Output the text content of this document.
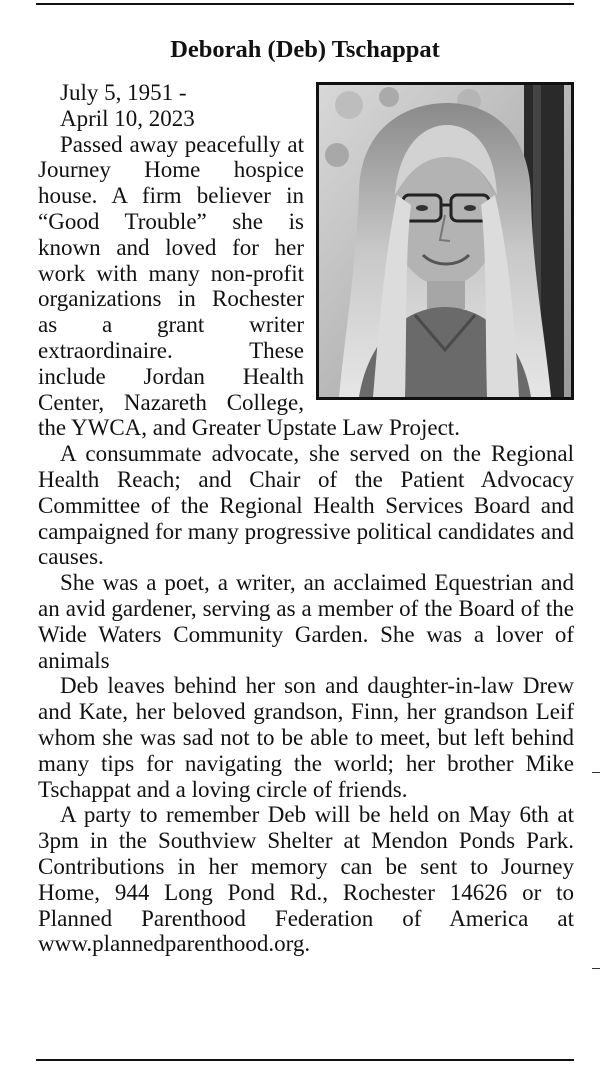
Deborah (Deb) Tschappat
July 5, 1951 -
April 10, 2023

Passed away peacefully at Journey Home hospice house. A firm believer in “Good Trouble” she is known and loved for her work with many non-profit organizations in Rochester as a grant writer extraordinaire. These include Jordan Health Center, Nazareth College, the YWCA, and Greater Upstate Law Project.

A consummate advocate, she served on the Regional Health Reach; and Chair of the Patient Advocacy Committee of the Regional Health Services Board and campaigned for many progressive political candidates and causes.

She was a poet, a writer, an acclaimed Equestrian and an avid gardener, serving as a member of the Board of the Wide Waters Community Garden. She was a lover of animals

Deb leaves behind her son and daughter-in-law Drew and Kate, her beloved grandson, Finn, her grandson Leif whom she was sad not to be able to meet, but left behind many tips for navigating the world; her brother Mike Tschappat and a loving circle of friends.

A party to remember Deb will be held on May 6th at 3pm in the Southview Shelter at Mendon Ponds Park. Contributions in her memory can be sent to Journey Home, 944 Long Pond Rd., Rochester 14626 or to Planned Parenthood Federation of America at www.plannedparenthood.org.
